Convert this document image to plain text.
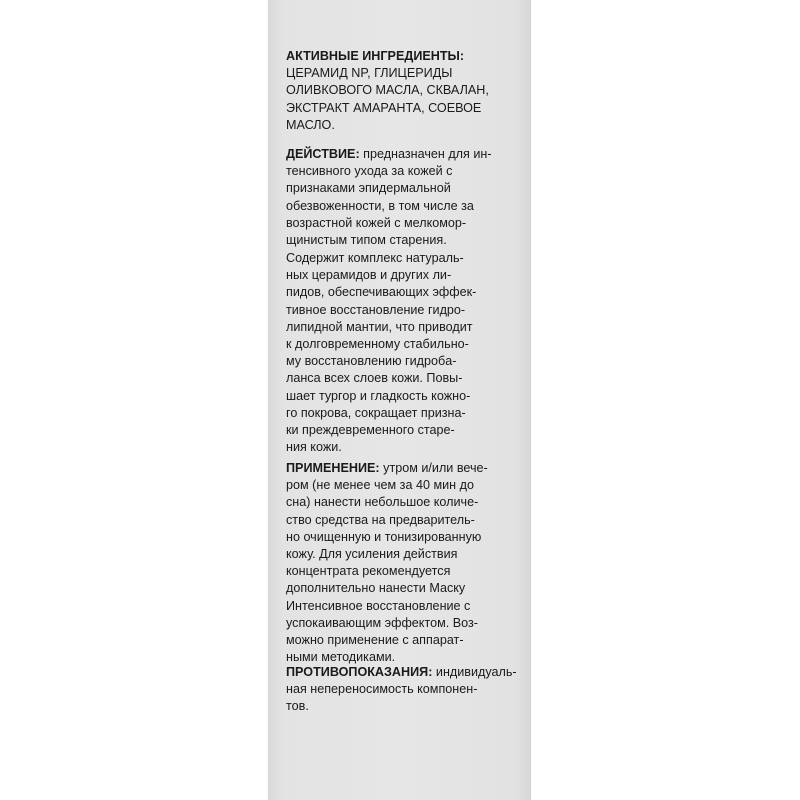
АКТИВНЫЕ ИНГРЕДИЕНТЫ:
ЦЕРАМИД NP, ГЛИЦЕРИДЫ
ОЛИВКОВОГО МАСЛА, СКВАЛАН,
ЭКСТРАКТ АМАРАНТА, СОЕВОЕ
МАСЛО.
ДЕЙСТВИЕ: предназначен для ин-
тенсивного ухода за кожей с
признаками эпидермальной
обезвоженности, в том числе за
возрастной кожей с мелкомор-
щинистым типом старения.
Содержит комплекс натураль-
ных церамидов и других ли-
пидов, обеспечивающих эффек-
тивное восстановление гидро-
липидной мантии, что приводит
к долговременному стабильно-
му восстановлению гидробa-
ланса всех слоев кожи. Повы-
шает тургор и гладкость кожно-
го покрова, сокращает призна-
ки преждевременного старе-
ния кожи.
ПРИМЕНЕНИЕ: утром и/или вече-
ром (не менее чем за 40 мин до
сна) нанести небольшое количе-
ство средства на предваритель-
но очищенную и тонизированную
кожу. Для усиления действия
концентрата рекомендуется
дополнительно нанести Маску
Интенсивное восстановление с
успокаивающим эффектом. Воз-
можно применение с аппарат-
ными методиками.
ПРОТИВОПОКАЗАНИЯ: индивидуаль-
ная непереносимость компонен-
тов.
